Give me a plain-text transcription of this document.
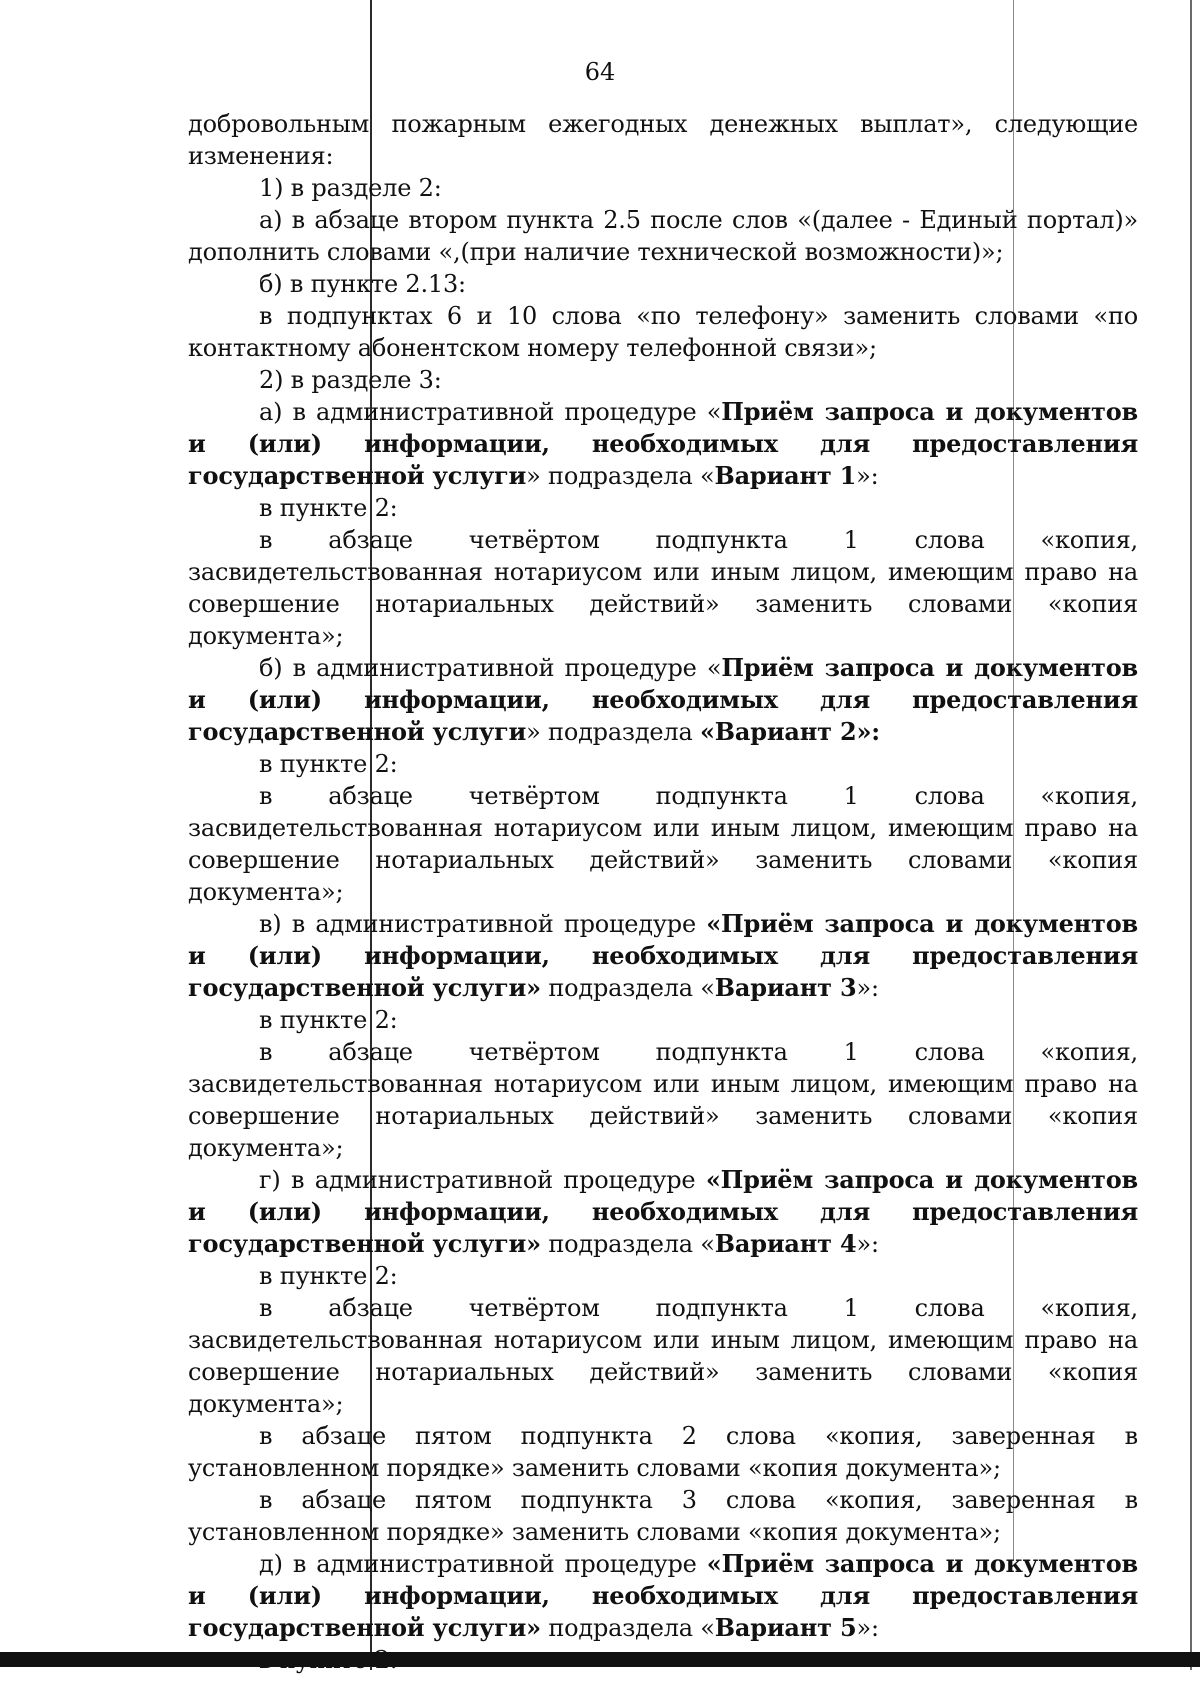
64

добровольным пожарным ежегодных денежных выплат», следующие изменения:

1) в разделе 2:

а) в абзаце втором пункта 2.5 после слов «(далее - Единый портал)» дополнить словами «,(при наличие технической возможности)»;

б) в пункте 2.13:

в подпунктах 6 и 10 слова «по телефону» заменить словами «по контактному абонентском номеру телефонной связи»;

2) в разделе 3:

а) в административной процедуре «Приём запроса и документов и (или) информации, необходимых для предоставления государственной услуги» подраздела «Вариант 1»:

в пункте 2:

в абзаце четвёртом подпункта 1 слова «копия, засвидетельствованная нотариусом или иным лицом, имеющим право на совершение нотариальных действий» заменить словами «копия документа»;

б) в административной процедуре «Приём запроса и документов и (или) информации, необходимых для предоставления государственной услуги» подраздела «Вариант 2»:

в пункте 2:

в абзаце четвёртом подпункта 1 слова «копия, засвидетельствованная нотариусом или иным лицом, имеющим право на совершение нотариальных действий» заменить словами «копия документа»;

в) в административной процедуре «Приём запроса и документов и (или) информации, необходимых для предоставления государственной услуги» подраздела «Вариант 3»:

в пункте 2:

в абзаце четвёртом подпункта 1 слова «копия, засвидетельствованная нотариусом или иным лицом, имеющим право на совершение нотариальных действий» заменить словами «копия документа»;

г) в административной процедуре «Приём запроса и документов и (или) информации, необходимых для предоставления государственной услуги» подраздела «Вариант 4»:

в пункте 2:

в абзаце четвёртом подпункта 1 слова «копия, засвидетельствованная нотариусом или иным лицом, имеющим право на совершение нотариальных действий» заменить словами «копия документа»;

в абзаце пятом подпункта 2 слова «копия, заверенная в установленном порядке» заменить словами «копия документа»;

в абзаце пятом подпункта 3 слова «копия, заверенная в установленном порядке» заменить словами «копия документа»;

д) в административной процедуре «Приём запроса и документов и (или) информации, необходимых для предоставления государственной услуги» подраздела «Вариант 5»:
